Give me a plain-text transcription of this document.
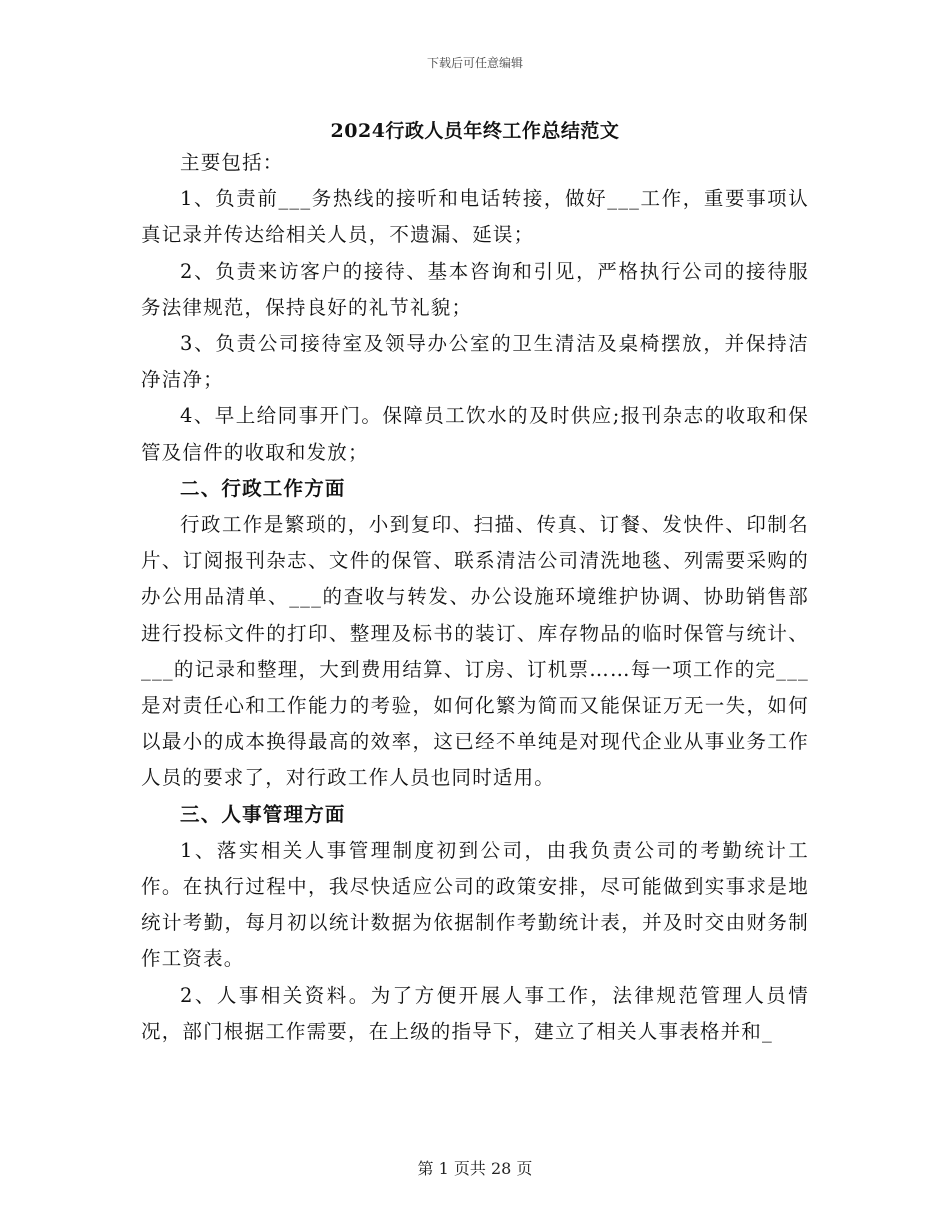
下载后可任意编辑
2024行政人员年终工作总结范文

主要包括：

1、负责前___务热线的接听和电话转接，做好___工作，重要事项认真记录并传达给相关人员，不遗漏、延误；

2、负责来访客户的接待、基本咨询和引见，严格执行公司的接待服务法律规范，保持良好的礼节礼貌；

3、负责公司接待室及领导办公室的卫生清洁及桌椅摆放，并保持洁净洁净；

4、早上给同事开门。保障员工饮水的及时供应;报刊杂志的收取和保管及信件的收取和发放；

二、行政工作方面

行政工作是繁琐的，小到复印、扫描、传真、订餐、发快件、印制名片、订阅报刊杂志、文件的保管、联系清洁公司清洗地毯、列需要采购的办公用品清单、___的查收与转发、办公设施环境维护协调、协助销售部进行投标文件的打印、整理及标书的装订、库存物品的临时保管与统计、___的记录和整理，大到费用结算、订房、订机票……每一项工作的完___是对责任心和工作能力的考验，如何化繁为简而又能保证万无一失，如何以最小的成本换得最高的效率，这已经不单纯是对现代企业从事业务工作人员的要求了，对行政工作人员也同时适用。

三、人事管理方面

1、落实相关人事管理制度初到公司，由我负责公司的考勤统计工作。在执行过程中，我尽快适应公司的政策安排，尽可能做到实事求是地统计考勤，每月初以统计数据为依据制作考勤统计表，并及时交由财务制作工资表。

2、人事相关资料。为了方便开展人事工作，法律规范管理人员情况，部门根据工作需要，在上级的指导下，建立了相关人事表格并和_

第 1 页共 28 页
